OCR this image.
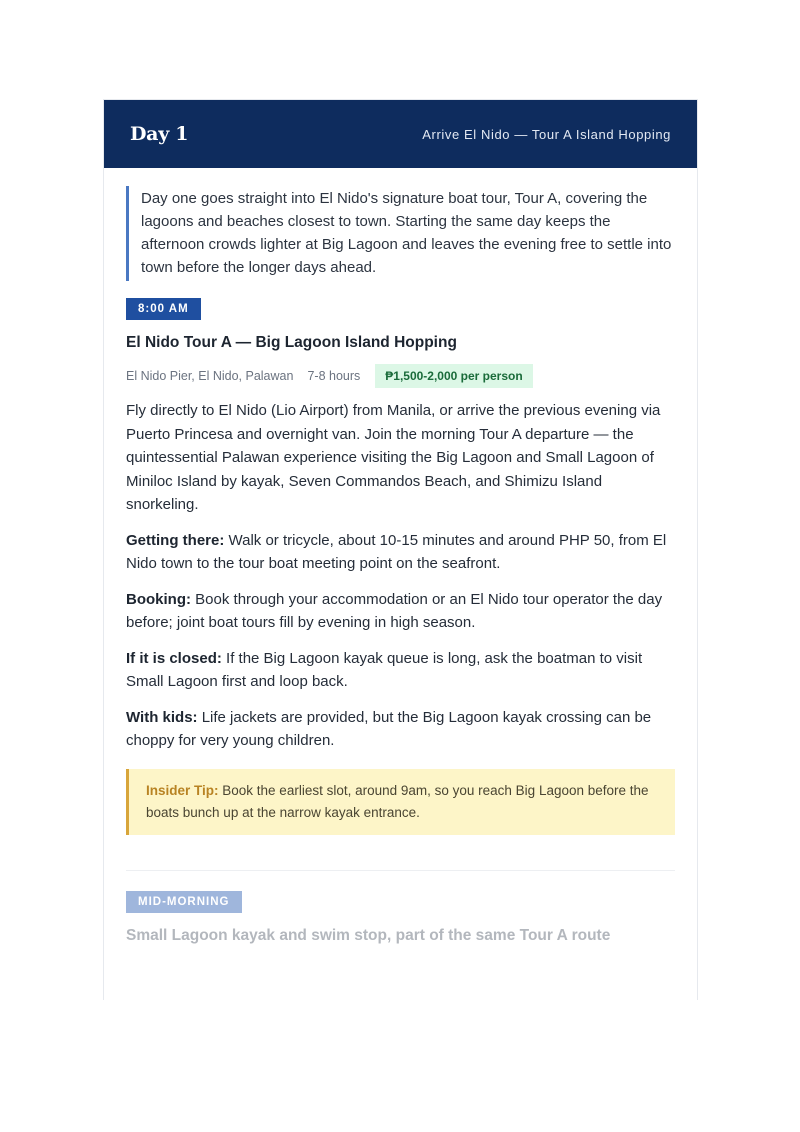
Day 1	Arrive El Nido — Tour A Island Hopping
Day one goes straight into El Nido's signature boat tour, Tour A, covering the lagoons and beaches closest to town. Starting the same day keeps the afternoon crowds lighter at Big Lagoon and leaves the evening free to settle into town before the longer days ahead.
8:00 AM
El Nido Tour A — Big Lagoon Island Hopping
El Nido Pier, El Nido, Palawan 7-8 hours	₱1,500-2,000 per person
Fly directly to El Nido (Lio Airport) from Manila, or arrive the previous evening via Puerto Princesa and overnight van. Join the morning Tour A departure — the quintessential Palawan experience visiting the Big Lagoon and Small Lagoon of Miniloc Island by kayak, Seven Commandos Beach, and Shimizu Island snorkeling.
Getting there: Walk or tricycle, about 10-15 minutes and around PHP 50, from El Nido town to the tour boat meeting point on the seafront.
Booking: Book through your accommodation or an El Nido tour operator the day before; joint boat tours fill by evening in high season.
If it is closed: If the Big Lagoon kayak queue is long, ask the boatman to visit Small Lagoon first and loop back.
With kids: Life jackets are provided, but the Big Lagoon kayak crossing can be choppy for very young children.
Insider Tip: Book the earliest slot, around 9am, so you reach Big Lagoon before the boats bunch up at the narrow kayak entrance.
MID-MORNING
Small Lagoon kayak and swim stop, part of the same Tour A route
